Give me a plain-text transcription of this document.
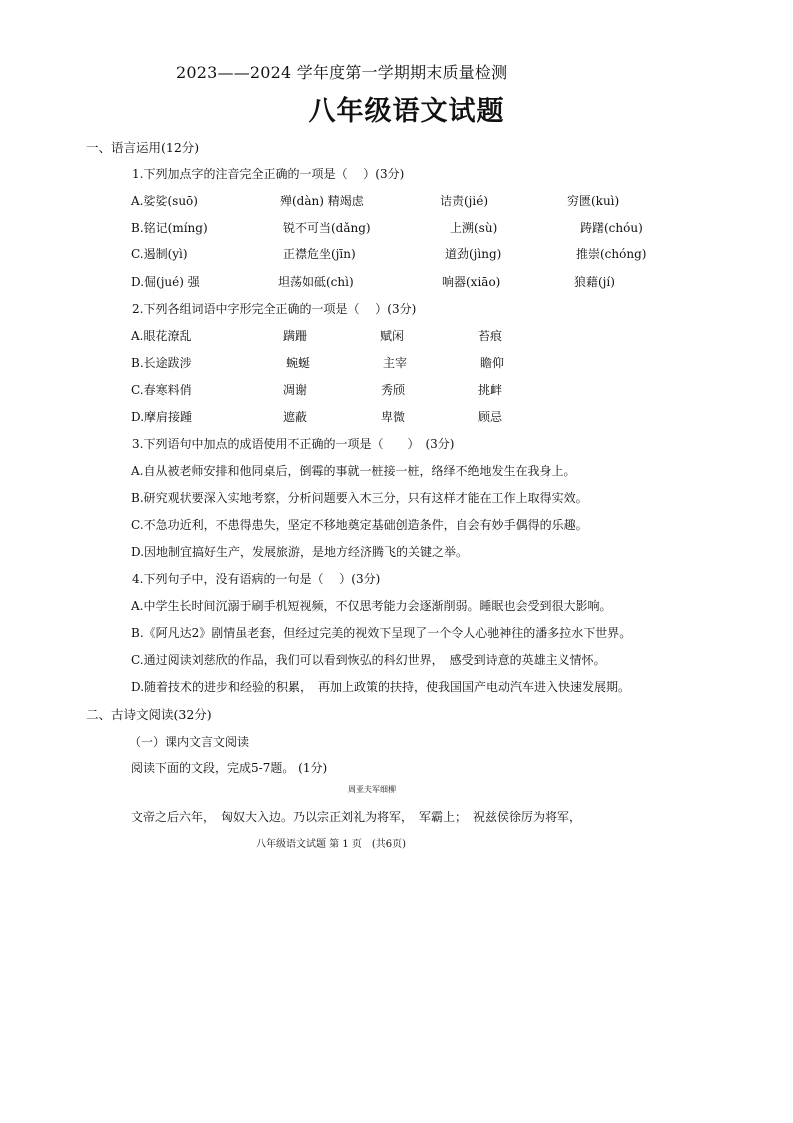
2023——2024 学年度第一学期期末质量检测
八年级语文试题
一、语言运用(12分)
1.下列加点字的注音完全正确的一项是（　 ）(3分)
A.娑娑(suō)	殚(dàn) 精竭虑	诘责(jié)	穷匮(kuì)
B.铭记(míng)	锐不可当(dǎng)	上溯(sù)	踌躇(chóu)
C.遏制(yì)	正襟危坐(jīn)	道劲(jìng)	推崇(chóng)
D.倔(jué) 强	坦荡如砥(chì)	响器(xiāo)	狼藉(jí)
2.下列各组词语中字形完全正确的一项是（　 ）(3分)
A.眼花潦乱	蹒跚	赋闲	苔痕
B.长途跋涉	蜿蜒	主宰	瞻仰
C.春寒料俏	凋谢	秀颀	挑衅
D.摩肩接踵	遮蔽	卑微	顾忌
3.下列语句中加点的成语使用不正确的一项是（　　）　(3分)
A.自从被老师安排和他同桌后，倒霉的事就一桩接一桩，络绎不绝地发生在我身上。
B.研究观状要深入实地考察，分析问题要入木三分，只有这样才能在工作上取得实效。
C.不急功近利，不患得患失，坚定不移地奠定基础创造条件，自会有妙手偶得的乐趣。
D.因地制宜搞好生产，发展旅游，是地方经济腾飞的关键之举。
4.下列句子中，没有语病的一句是（　 ）(3分)
A.中学生长时间沉溺于刷手机短视频，不仅思考能力会逐渐削弱。睡眠也会受到很大影响。
B.《阿凡达2》剧情虽老套，但经过完美的视效下呈现了一个令人心驰神往的潘多拉水下世界。
C.通过阅读刘慈欣的作品，我们可以看到恢弘的科幻世界，　感受到诗意的英雄主义情怀。
D.随着技术的进步和经验的积累，　再加上政策的扶持，使我国国产电动汽车进入快速发展期。
二、古诗文阅读(32分)
（一）课内文言文阅读
阅读下面的文段，完成5-7题。 (1分)
周亚夫军细柳
文帝之后六年，　匈奴大入边。乃以宗正刘礼为将军，　军霸上；　祝兹侯徐厉为将军，
八年级语文试题 第 1 页　(共6页)
